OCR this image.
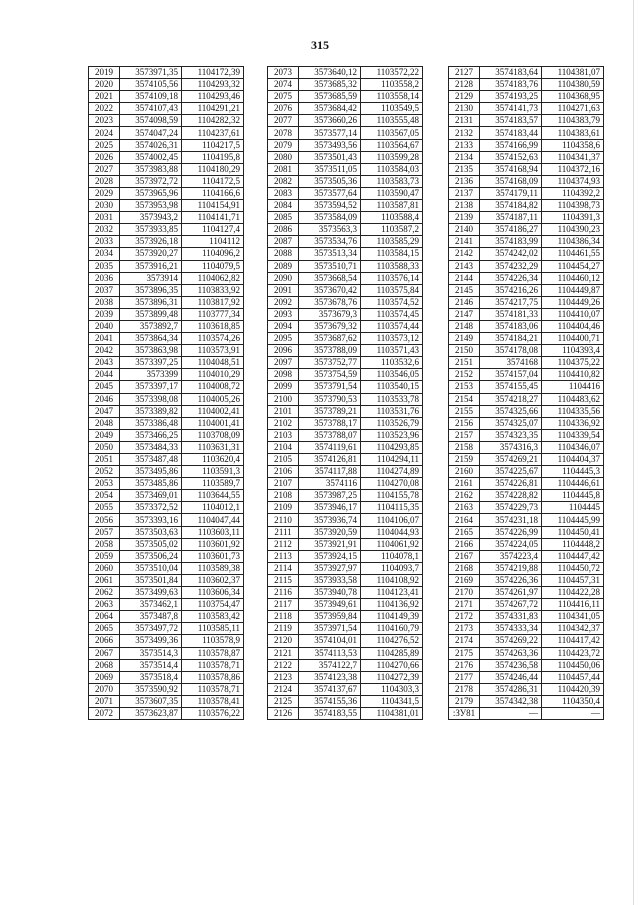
315
2019	3573971,35	1104172,39
2020	3574105,56	1104293,32
2021	3574109,18	1104293,46
2022	3574107,43	1104291,21
2023	3574098,59	1104282,32
2024	3574047,24	1104237,61
2025	3574026,31	1104217,5
2026	3574002,45	1104195,8
2027	3573983,88	1104180,29
2028	3573972,72	1104172,5
2029	3573965,96	1104166,6
2030	3573953,98	1104154,91
2031	3573943,2	1104141,71
2032	3573933,85	1104127,4
2033	3573926,18	1104112
2034	3573920,27	1104096,2
2035	3573916,21	1104079,5
2036	3573914	1104062,82
2037	3573896,35	1103833,92
2038	3573896,31	1103817,92
2039	3573899,48	1103777,34
2040	3573892,7	1103618,85
2041	3573864,34	1103574,26
2042	3573863,98	1103573,91
2043	3573397,25	1104048,51
2044	3573399	1104010,29
2045	3573397,17	1104008,72
2046	3573398,08	1104005,26
2047	3573389,82	1104002,41
2048	3573386,48	1104001,41
2049	3573466,25	1103708,09
2050	3573484,33	1103631,31
2051	3573487,48	1103620,4
2052	3573495,86	1103591,3
2053	3573485,86	1103589,7
2054	3573469,01	1103644,55
2055	3573372,52	1104012,1
2056	3573393,16	1104047,44
2057	3573503,63	1103603,11
2058	3573505,02	1103601,92
2059	3573506,24	1103601,73
2060	3573510,04	1103589,38
2061	3573501,84	1103602,37
2062	3573499,63	1103606,34
2063	3573462,1	1103754,47
2064	3573487,8	1103583,42
2065	3573497,72	1103585,11
2066	3573499,36	1103578,9
2067	3573514,3	1103578,87
2068	3573514,4	1103578,71
2069	3573518,4	1103578,86
2070	3573590,92	1103578,71
2071	3573607,35	1103578,41
2072	3573623,87	1103576,22
2073	3573640,12	1103572,22
2074	3573685,32	1103558,2
2075	3573685,59	1103558,14
2076	3573684,42	1103549,5
2077	3573660,26	1103555,48
2078	3573577,14	1103567,05
2079	3573493,56	1103564,67
2080	3573501,43	1103599,28
2081	3573511,05	1103584,03
2082	3573505,36	1103583,73
2083	3573577,64	1103590,47
2084	3573594,52	1103587,81
2085	3573584,09	1103588,4
2086	3573563,3	1103587,2
2087	3573534,76	1103585,29
2088	3573513,34	1103584,15
2089	3573510,71	1103588,33
2090	3573668,54	1103576,14
2091	3573670,42	1103575,84
2092	3573678,76	1103574,52
2093	3573679,3	1103574,45
2094	3573679,32	1103574,44
2095	3573687,62	1103573,12
2096	3573788,09	1103571,43
2097	3573752,77	1103532,6
2098	3573754,59	1103546,05
2099	3573791,54	1103540,15
2100	3573790,53	1103533,78
2101	3573789,21	1103531,76
2102	3573788,17	1103526,79
2103	3573788,07	1103523,96
2104	3574119,61	1104293,85
2105	3574126,81	1104294,11
2106	3574117,88	1104274,89
2107	3574116	1104270,08
2108	3573987,25	1104155,78
2109	3573946,17	1104115,35
2110	3573936,74	1104106,07
2111	3573920,59	1104044,93
2112	3573921,91	1104061,92
2113	3573924,15	1104078,1
2114	3573927,97	1104093,7
2115	3573933,58	1104108,92
2116	3573940,78	1104123,41
2117	3573949,61	1104136,92
2118	3573959,84	1104149,39
2119	3573971,54	1104160,79
2120	3574104,01	1104276,52
2121	3574113,53	1104285,89
2122	3574122,7	1104270,66
2123	3574123,38	1104272,39
2124	3574137,67	1104303,3
2125	3574155,36	1104341,5
2126	3574183,55	1104381,01
2127	3574183,64	1104381,07
2128	3574183,76	1104380,59
2129	3574193,25	1104368,95
2130	3574141,73	1104271,63
2131	3574183,57	1104383,79
2132	3574183,44	1104383,61
2133	3574166,99	1104358,6
2134	3574152,63	1104341,37
2135	3574168,94	1104372,16
2136	3574168,09	1104374,93
2137	3574179,11	1104392,2
2138	3574184,82	1104398,73
2139	3574187,11	1104391,3
2140	3574186,27	1104390,23
2141	3574183,99	1104386,34
2142	3574242,02	1104461,55
2143	3574232,29	1104454,27
2144	3574226,34	1104460,12
2145	3574216,26	1104449,87
2146	3574217,75	1104449,26
2147	3574181,33	1104410,07
2148	3574183,06	1104404,46
2149	3574184,21	1104400,71
2150	3574178,08	1104393,4
2151	3574168	1104375,22
2152	3574157,04	1104410,82
2153	3574155,45	1104416
2154	3574218,27	1104483,62
2155	3574325,66	1104335,56
2156	3574325,07	1104336,92
2157	3574323,35	1104339,54
2158	3574316,3	1104346,07
2159	3574269,21	1104404,37
2160	3574225,67	1104445,3
2161	3574226,81	1104446,61
2162	3574228,82	1104445,8
2163	3574229,73	1104445
2164	3574231,18	1104445,99
2165	3574226,99	1104450,41
2166	3574224,05	1104448,2
2167	3574223,4	1104447,42
2168	3574219,88	1104450,72
2169	3574226,36	1104457,31
2170	3574261,97	1104422,28
2171	3574267,72	1104416,11
2172	3574331,83	1104341,05
2173	3574333,34	1104342,37
2174	3574269,22	1104417,42
2175	3574263,36	1104423,72
2176	3574236,58	1104450,06
2177	3574246,44	1104457,44
2178	3574286,31	1104420,39
2179	3574342,38	1104350,4
:ЗУ81	—	—
